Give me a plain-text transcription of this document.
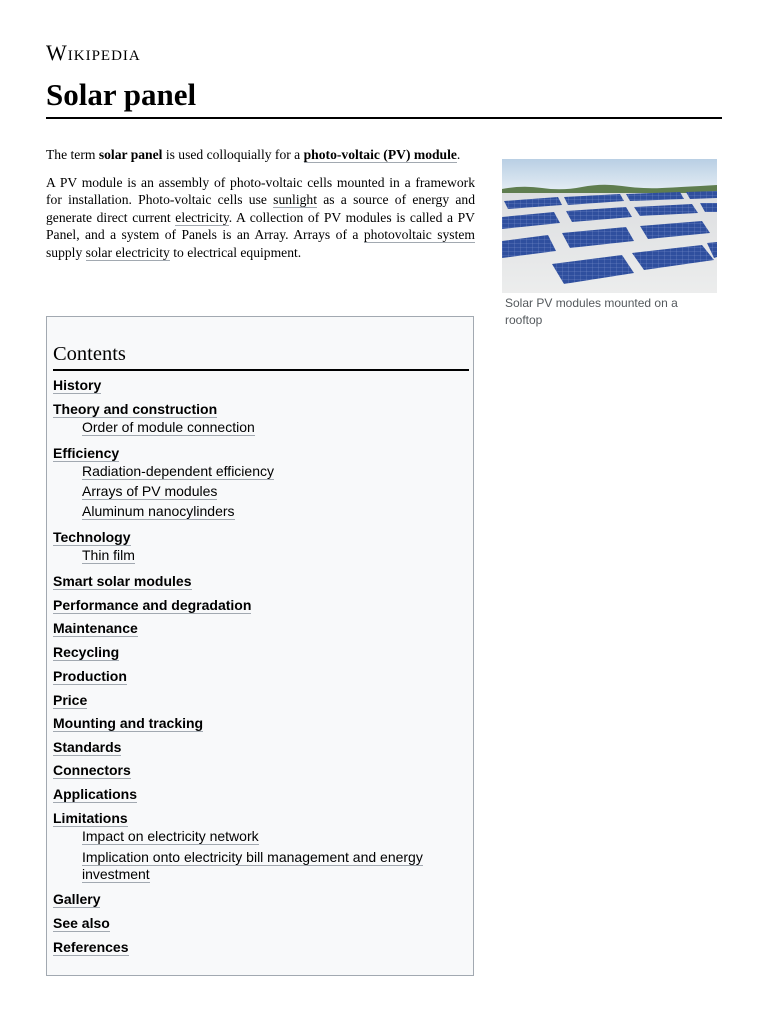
Wikipedia
Solar panel

The term solar panel is used colloquially for a photo-voltaic (PV) module.

A PV module is an assembly of photo-voltaic cells mounted in a framework for installation. Photo-voltaic cells use sunlight as a source of energy and generate direct current electricity. A collection of PV modules is called a PV Panel, and a system of Panels is an Array. Arrays of a photovoltaic system supply solar electricity to electrical equipment.

Solar PV modules mounted on a rooftop
Contents
History
Theory and construction
Order of module connection
Efficiency
Radiation-dependent efficiency
Arrays of PV modules
Aluminum nanocylinders
Technology
Thin film
Smart solar modules
Performance and degradation
Maintenance
Recycling
Production
Price
Mounting and tracking
Standards
Connectors
Applications
Limitations
Impact on electricity network
Implication onto electricity bill management and energy investment
Gallery
See also
References
